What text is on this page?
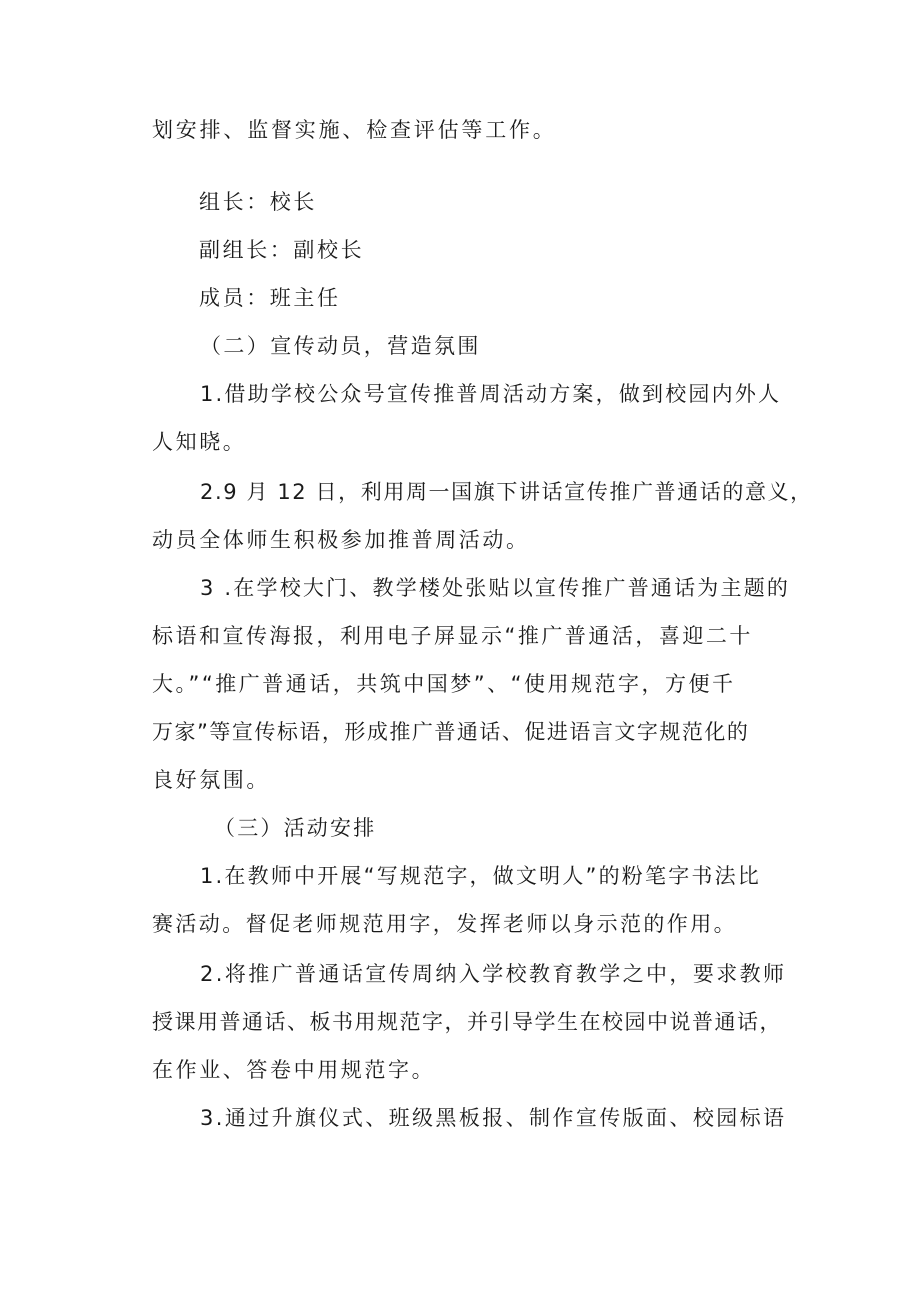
划安排、监督实施、检查评估等工作。
组长：校长
副组长：副校长
成员：班主任
（二）宣传动员，营造氛围
1.借助学校公众号宣传推普周活动方案，做到校园内外人
人知晓。
2.9 月 12 日，利用周一国旗下讲话宣传推广普通话的意义，
动员全体师生积极参加推普周活动。
3 .在学校大门、教学楼处张贴以宣传推广普通话为主题的
标语和宣传海报，利用电子屏显示“推广普通活，喜迎二十
大。”“推广普通话，共筑中国梦”、“使用规范字，方便千
万家”等宣传标语，形成推广普通话、促进语言文字规范化的
良好氛围。
（三）活动安排
1.在教师中开展“写规范字，做文明人”的粉笔字书法比
赛活动。督促老师规范用字，发挥老师以身示范的作用。
2.将推广普通话宣传周纳入学校教育教学之中，要求教师
授课用普通话、板书用规范字，并引导学生在校园中说普通话，
在作业、答卷中用规范字。
3.通过升旗仪式、班级黑板报、制作宣传版面、校园标语
